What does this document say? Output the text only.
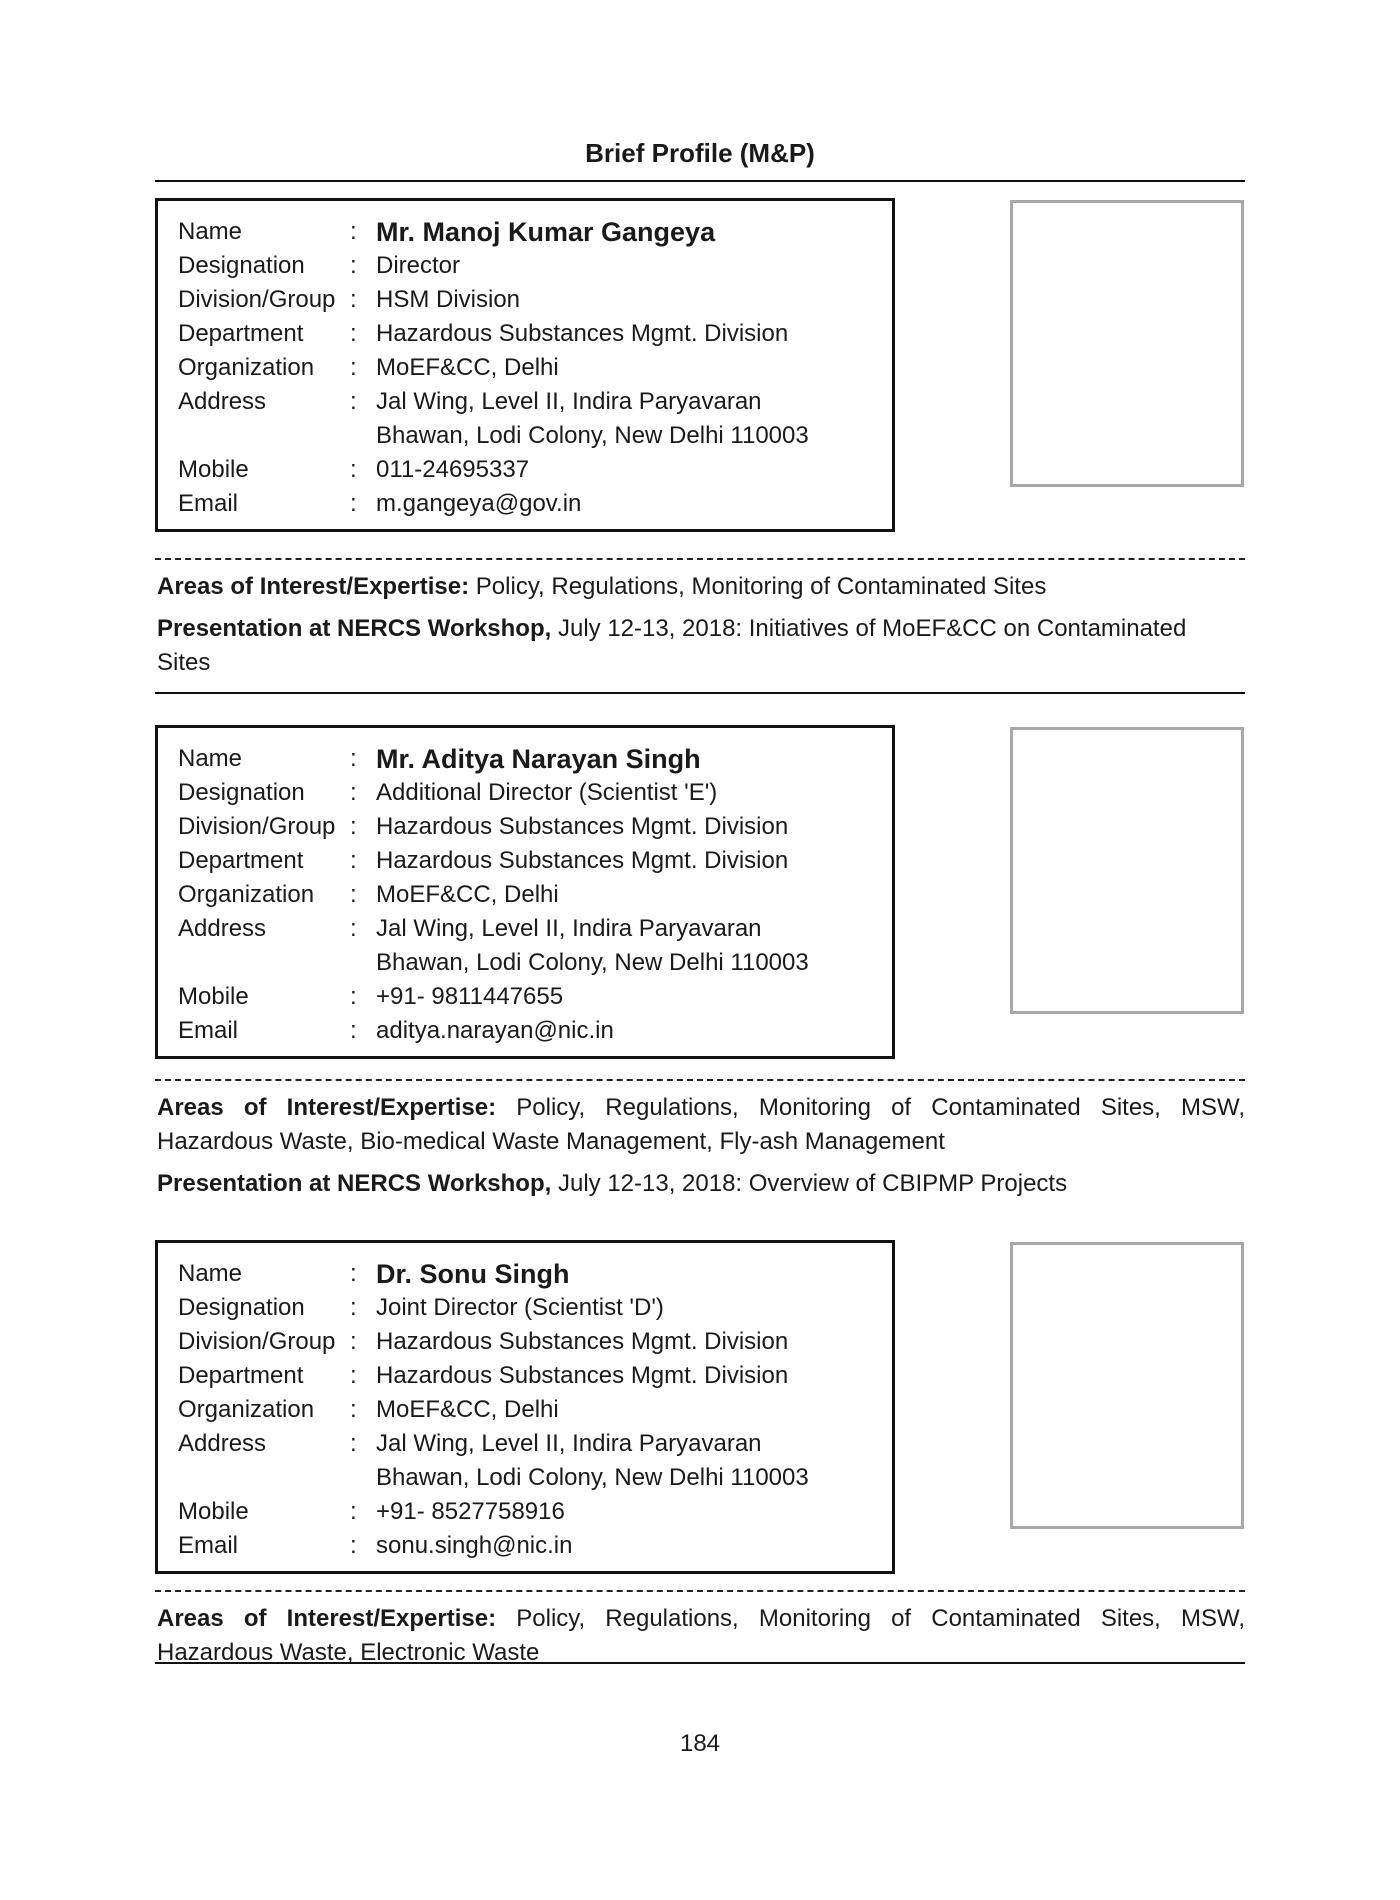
Brief Profile (M&P)
Name	: Mr. Manoj Kumar Gangeya
Designation	: Director
Division/Group : HSM Division
Department	: Hazardous Substances Mgmt. Division
Organization	: MoEF&CC, Delhi
Address	: Jal Wing, Level II, Indira Paryavaran
Bhawan, Lodi Colony, New Delhi 110003
Mobile	: 011-24695337
Email	: m.gangeya@gov.in
Areas of Interest/Expertise: Policy, Regulations, Monitoring of Contaminated Sites
Presentation at NERCS Workshop, July 12-13, 2018: Initiatives of MoEF&CC on Contaminated Sites
Name	: Mr. Aditya Narayan Singh
Designation	: Additional Director (Scientist 'E')
Division/Group : Hazardous Substances Mgmt. Division
Department	: Hazardous Substances Mgmt. Division
Organization	: MoEF&CC, Delhi
Address	: Jal Wing, Level II, Indira Paryavaran
Bhawan, Lodi Colony, New Delhi 110003
Mobile	: +91- 9811447655
Email	: aditya.narayan@nic.in
Areas of Interest/Expertise: Policy, Regulations, Monitoring of Contaminated Sites, MSW, Hazardous Waste, Bio-medical Waste Management, Fly-ash Management
Presentation at NERCS Workshop, July 12-13, 2018: Overview of CBIPMP Projects
Name	: Dr. Sonu Singh
Designation	: Joint Director (Scientist 'D')
Division/Group : Hazardous Substances Mgmt. Division
Department	: Hazardous Substances Mgmt. Division
Organization	: MoEF&CC, Delhi
Address	: Jal Wing, Level II, Indira Paryavaran
Bhawan, Lodi Colony, New Delhi 110003
Mobile	: +91- 8527758916
Email	: sonu.singh@nic.in
Areas of Interest/Expertise: Policy, Regulations, Monitoring of Contaminated Sites, MSW, Hazardous Waste, Electronic Waste
184
